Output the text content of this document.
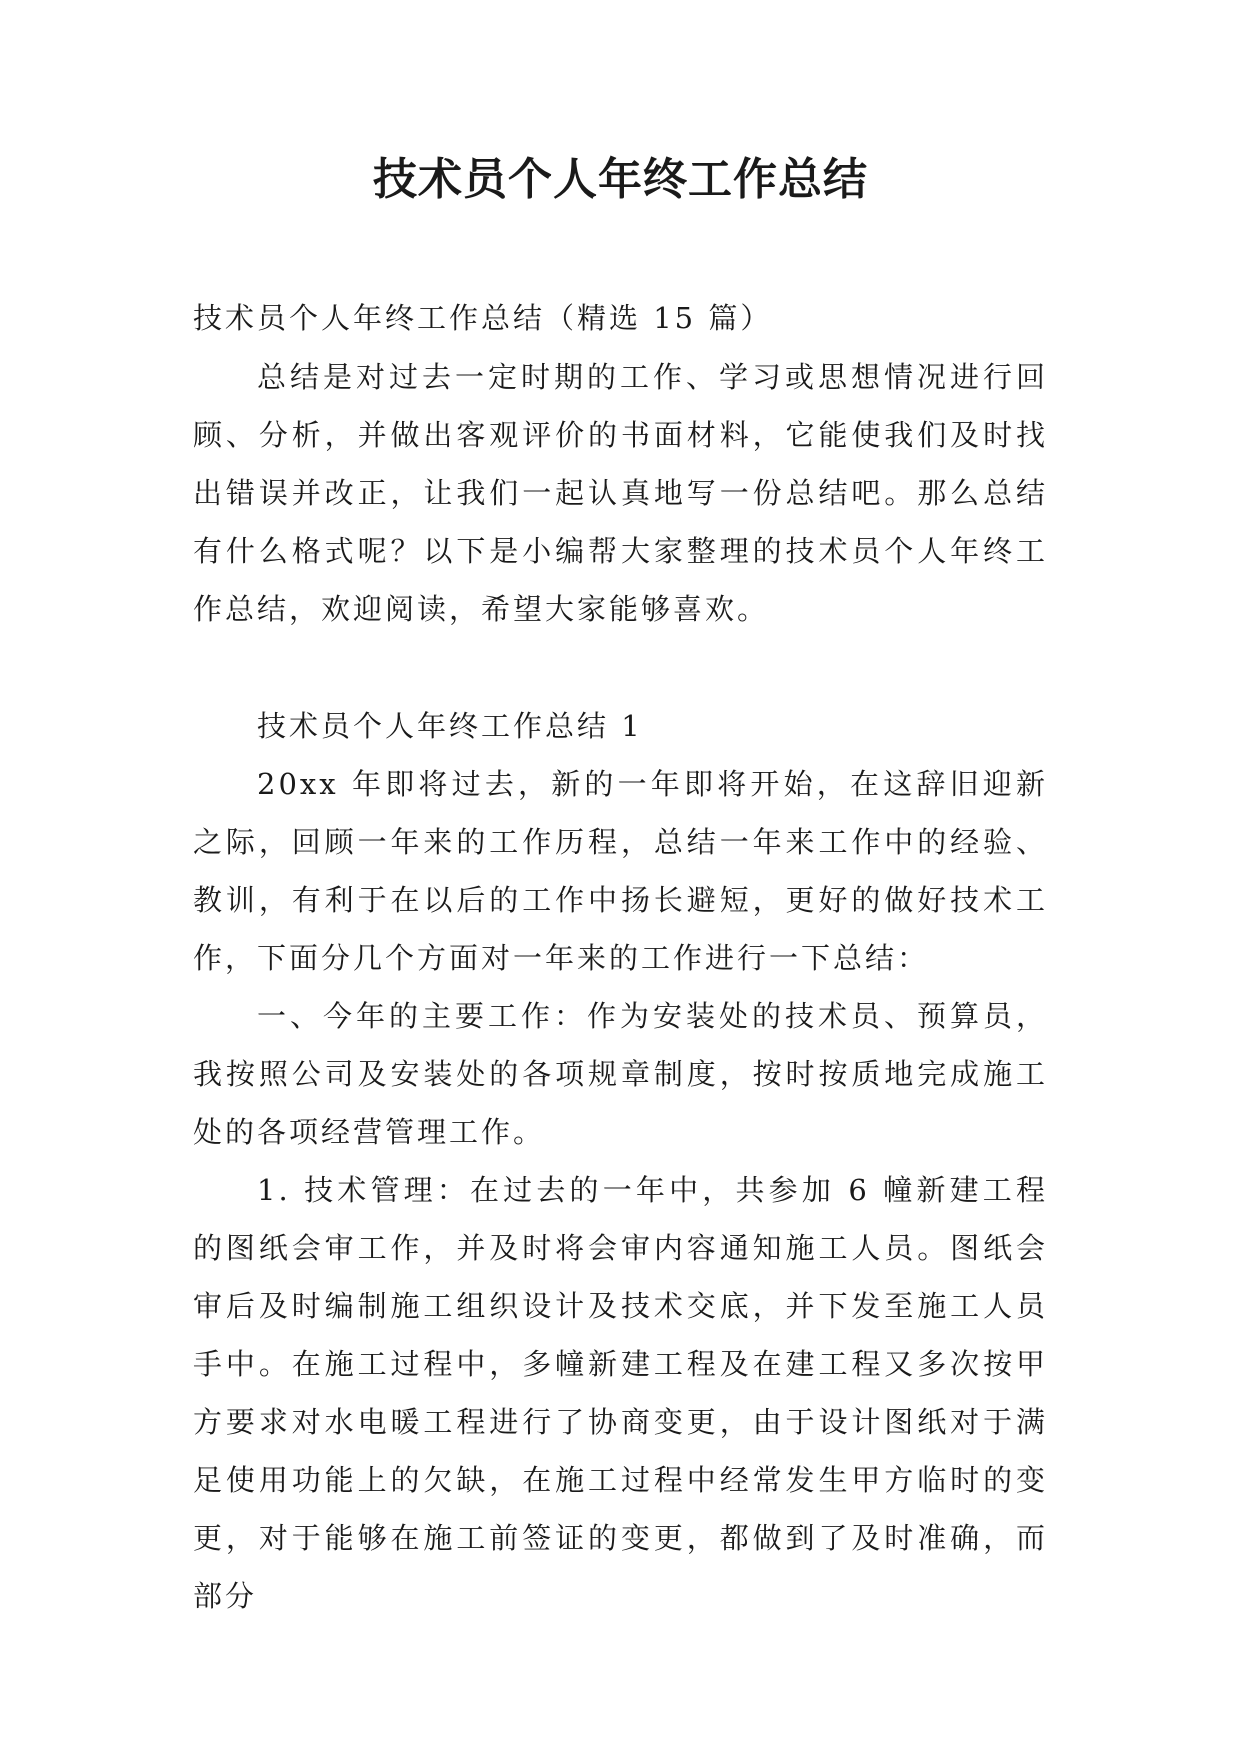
技术员个人年终工作总结

技术员个人年终工作总结（精选 15 篇）

总结是对过去一定时期的工作、学习或思想情况进行回顾、分析，并做出客观评价的书面材料，它能使我们及时找出错误并改正，让我们一起认真地写一份总结吧。那么总结有什么格式呢？以下是小编帮大家整理的技术员个人年终工作总结，欢迎阅读，希望大家能够喜欢。

技术员个人年终工作总结 1

20xx 年即将过去，新的一年即将开始，在这辞旧迎新之际，回顾一年来的工作历程，总结一年来工作中的经验、教训，有利于在以后的工作中扬长避短，更好的做好技术工作，下面分几个方面对一年来的工作进行一下总结：

一、今年的主要工作：作为安装处的技术员、预算员，我按照公司及安装处的各项规章制度，按时按质地完成施工处的各项经营管理工作。

1. 技术管理：在过去的一年中，共参加 6 幢新建工程的图纸会审工作，并及时将会审内容通知施工人员。图纸会审后及时编制施工组织设计及技术交底，并下发至施工人员手中。在施工过程中，多幢新建工程及在建工程又多次按甲方要求对水电暖工程进行了协商变更，由于设计图纸对于满足使用功能上的欠缺，在施工过程中经常发生甲方临时的变更，对于能够在施工前签证的变更，都做到了及时准确，而部分
